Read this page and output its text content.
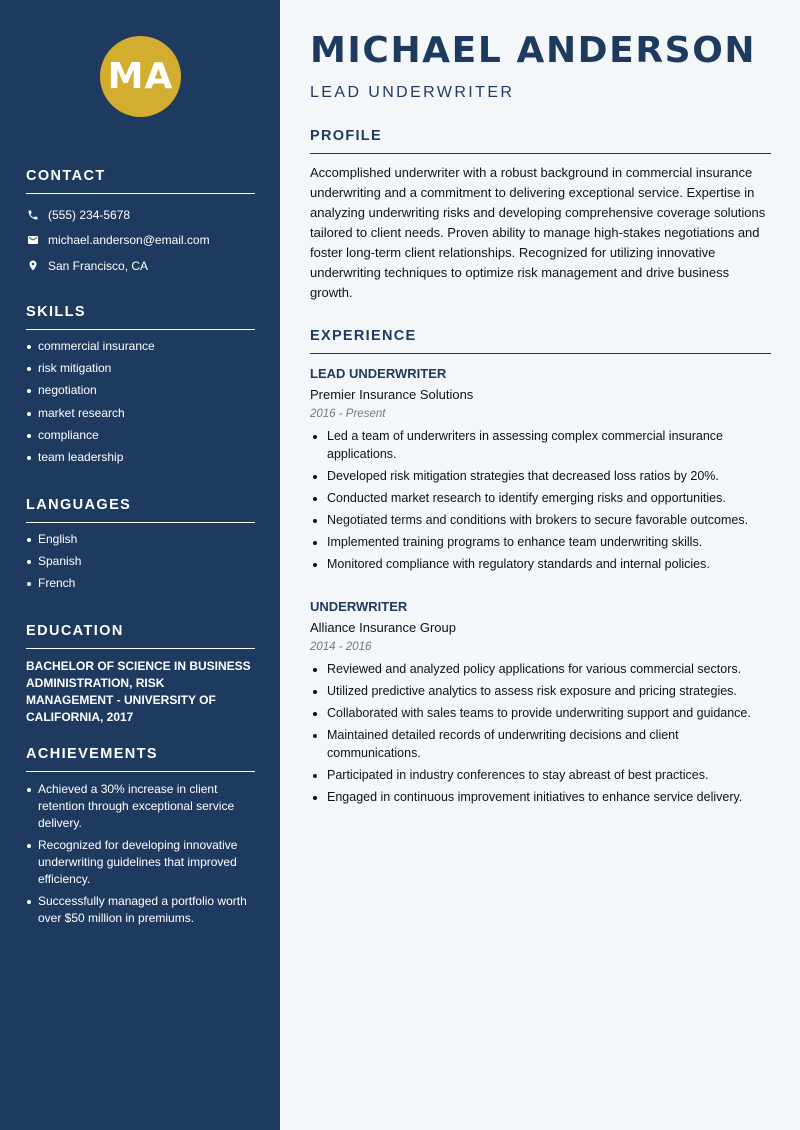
MA
CONTACT
(555) 234-5678
michael.anderson@email.com
San Francisco, CA
SKILLS
commercial insurance
risk mitigation
negotiation
market research
compliance
team leadership
LANGUAGES
English
Spanish
French
EDUCATION

BACHELOR OF SCIENCE IN BUSINESS ADMINISTRATION, RISK MANAGEMENT - UNIVERSITY OF CALIFORNIA, 2017

ACHIEVEMENTS
Achieved a 30% increase in client retention through exceptional service delivery.
Recognized for developing innovative underwriting guidelines that improved efficiency.
Successfully managed a portfolio worth over $50 million in premiums.
MICHAEL ANDERSON
LEAD UNDERWRITER
PROFILE

Accomplished underwriter with a robust background in commercial insurance underwriting and a commitment to delivering exceptional service. Expertise in analyzing underwriting risks and developing comprehensive coverage solutions tailored to client needs. Proven ability to manage high-stakes negotiations and foster long-term client relationships. Recognized for utilizing innovative underwriting techniques to optimize risk management and drive business growth.

EXPERIENCE
LEAD UNDERWRITER
Premier Insurance Solutions
2016 - Present
Led a team of underwriters in assessing complex commercial insurance applications.
Developed risk mitigation strategies that decreased loss ratios by 20%.
Conducted market research to identify emerging risks and opportunities.
Negotiated terms and conditions with brokers to secure favorable outcomes.
Implemented training programs to enhance team underwriting skills.
Monitored compliance with regulatory standards and internal policies.
UNDERWRITER
Alliance Insurance Group
2014 - 2016
Reviewed and analyzed policy applications for various commercial sectors.
Utilized predictive analytics to assess risk exposure and pricing strategies.
Collaborated with sales teams to provide underwriting support and guidance.
Maintained detailed records of underwriting decisions and client communications.
Participated in industry conferences to stay abreast of best practices.
Engaged in continuous improvement initiatives to enhance service delivery.
